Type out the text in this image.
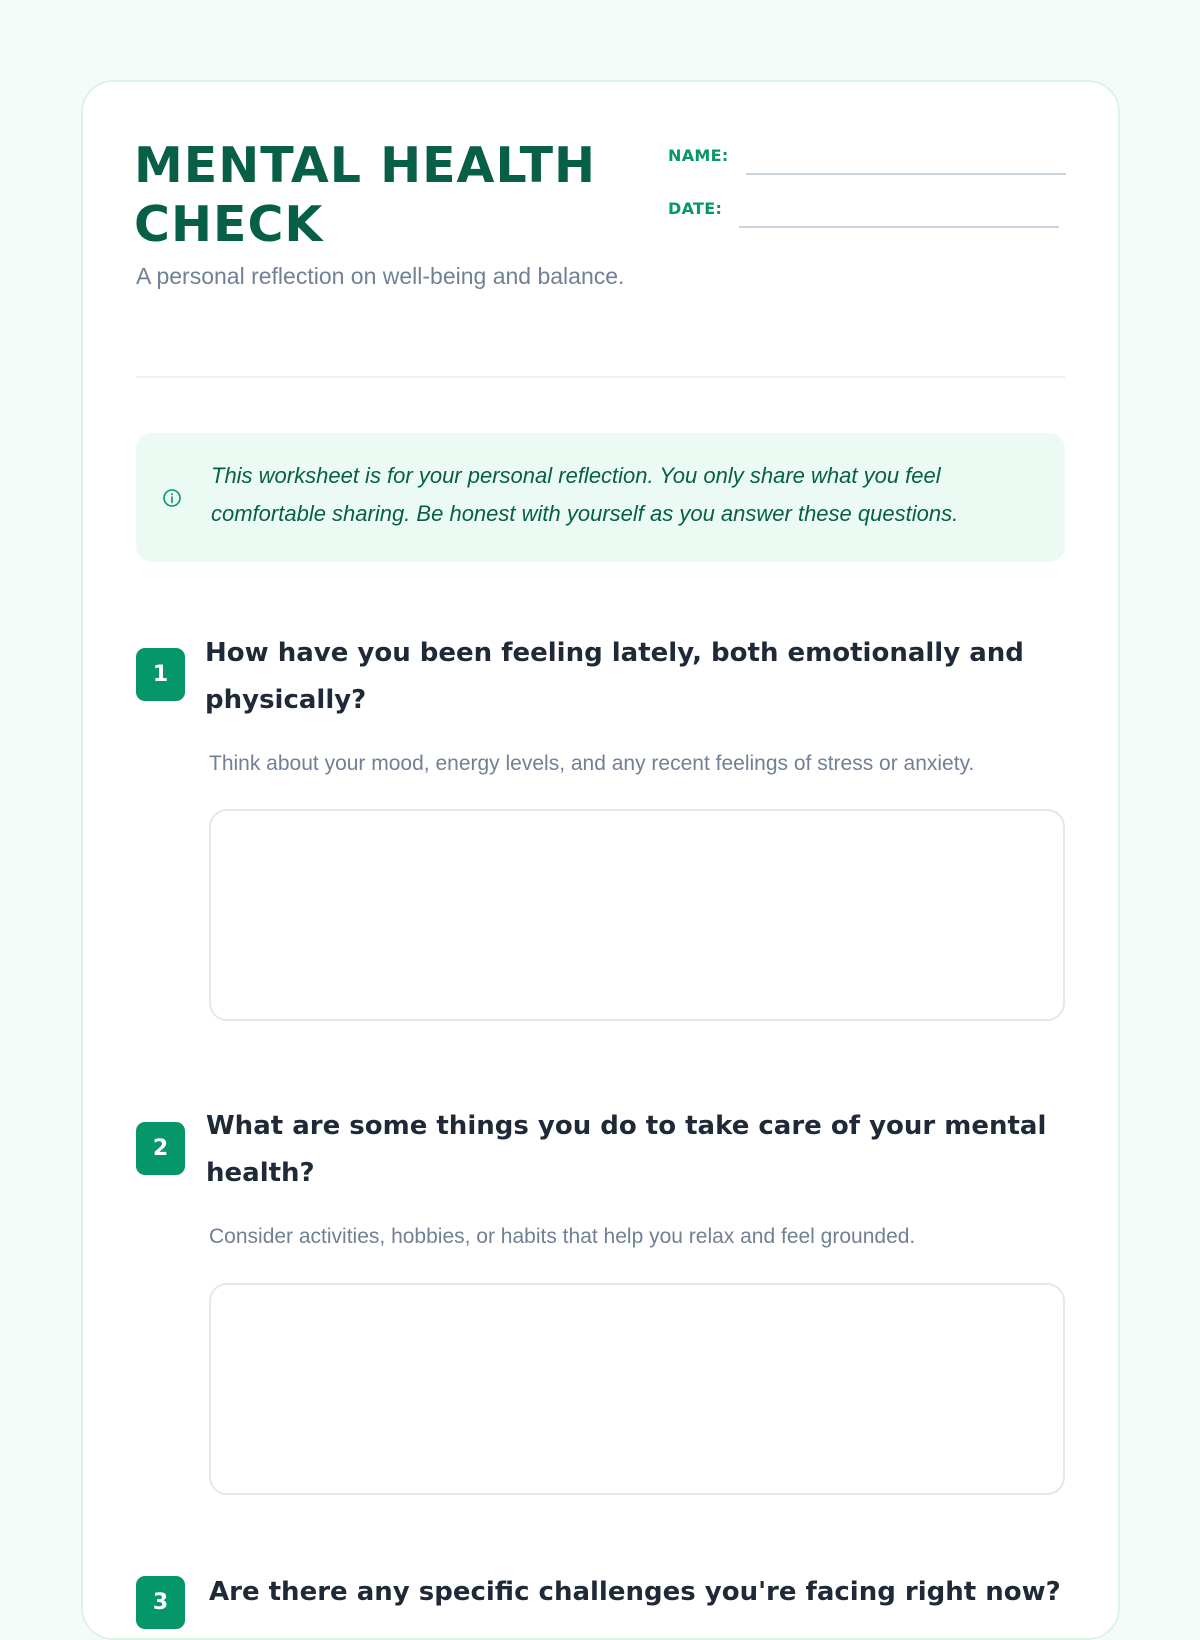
MENTAL HEALTH CHECK

A personal reflection on well-being and balance.

NAME:
DATE:

This worksheet is for your personal reflection. You only share what you feel comfortable sharing. Be honest with yourself as you answer these questions.

1
How have you been feeling lately, both emotionally and physically?

Think about your mood, energy levels, and any recent feelings of stress or anxiety.

2
What are some things you do to take care of your mental health?

Consider activities, hobbies, or habits that help you relax and feel grounded.

3	Are there any specific challenges you're facing right now?
